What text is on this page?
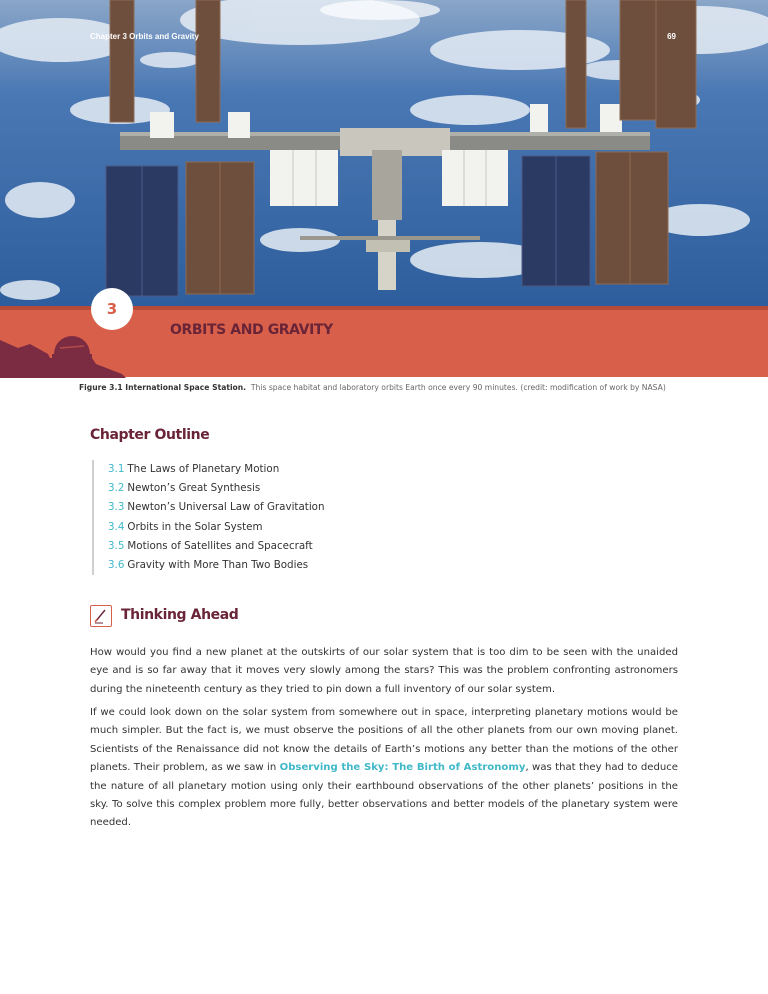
Chapter 3 Orbits and Gravity	69
3
ORBITS AND GRAVITY
Figure 3.1 International Space Station. This space habitat and laboratory orbits Earth once every 90 minutes. (credit: modification of work by NASA)
Chapter Outline
3.1 The Laws of Planetary Motion
3.2 Newton’s Great Synthesis
3.3 Newton’s Universal Law of Gravitation
3.4 Orbits in the Solar System
3.5 Motions of Satellites and Spacecraft
3.6 Gravity with More Than Two Bodies
Thinking Ahead

How would you find a new planet at the outskirts of our solar system that is too dim to be seen with the unaided eye and is so far away that it moves very slowly among the stars? This was the problem confronting astronomers during the nineteenth century as they tried to pin down a full inventory of our solar system.

If we could look down on the solar system from somewhere out in space, interpreting planetary motions would be much simpler. But the fact is, we must observe the positions of all the other planets from our own moving planet. Scientists of the Renaissance did not know the details of Earth’s motions any better than the motions of the other planets. Their problem, as we saw in Observing the Sky: The Birth of Astronomy, was that they had to deduce the nature of all planetary motion using only their earthbound observations of the other planets’ positions in the sky. To solve this complex problem more fully, better observations and better models of the planetary system were needed.
